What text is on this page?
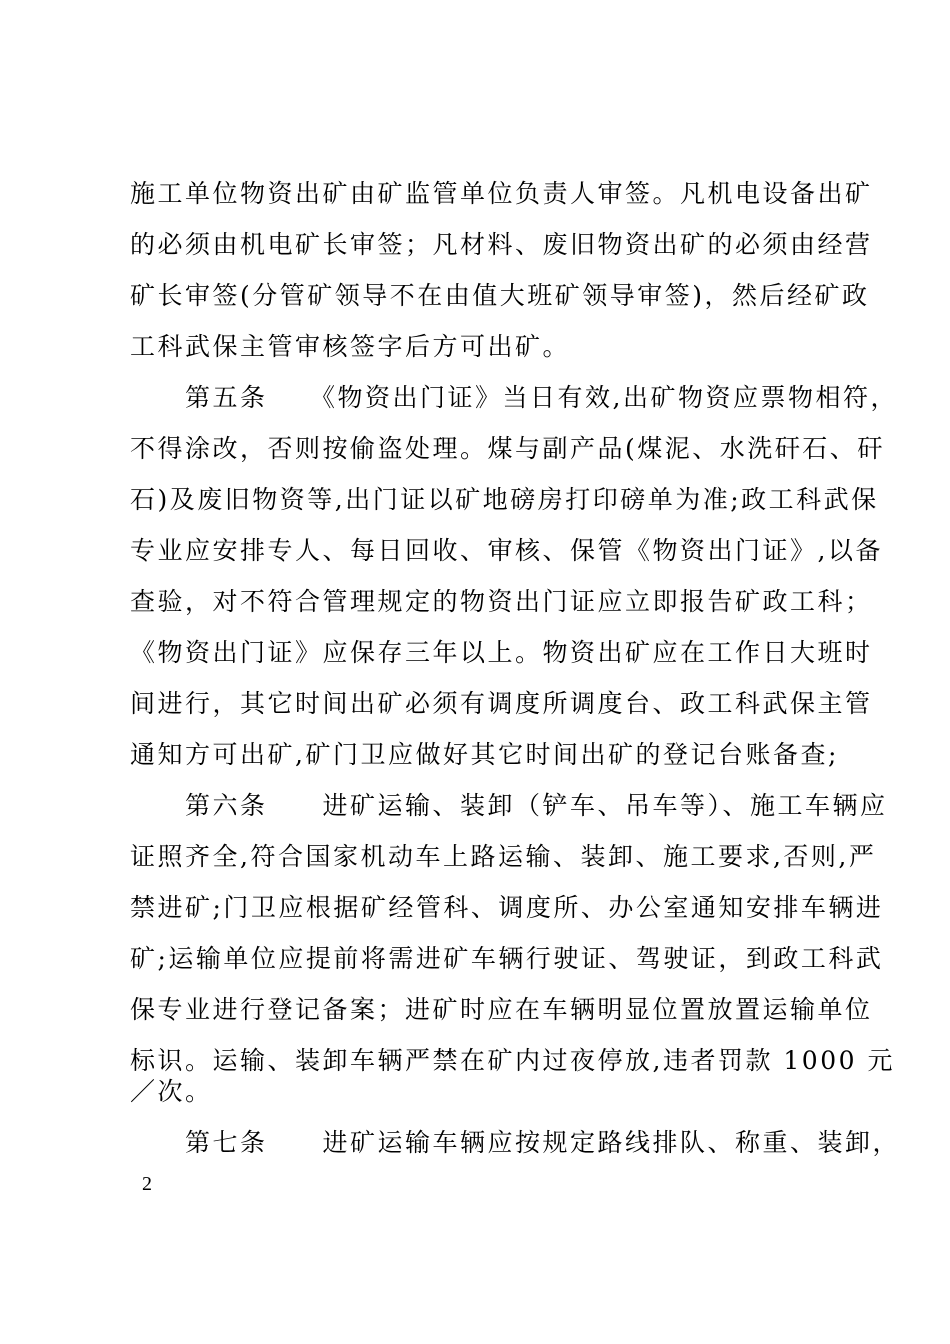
施工单位物资出矿由矿监管单位负责人审签。凡机电设备出矿
的必须由机电矿长审签；凡材料、废旧物资出矿的必须由经营
矿长审签(分管矿领导不在由值大班矿领导审签)，然后经矿政
工科武保主管审核签字后方可出矿。
　　第五条　　《物资出门证》当日有效,出矿物资应票物相符，
不得涂改，否则按偷盗处理。煤与副产品(煤泥、水洗矸石、矸
石)及废旧物资等,出门证以矿地磅房打印磅单为准;政工科武保
专业应安排专人、每日回收、审核、保管《物资出门证》,以备
查验，对不符合管理规定的物资出门证应立即报告矿政工科；
《物资出门证》应保存三年以上。物资出矿应在工作日大班时
间进行，其它时间出矿必须有调度所调度台、政工科武保主管
通知方可出矿,矿门卫应做好其它时间出矿的登记台账备查;
　　第六条　　进矿运输、装卸（铲车、吊车等）、施工车辆应
证照齐全,符合国家机动车上路运输、装卸、施工要求,否则,严
禁进矿;门卫应根据矿经管科、调度所、办公室通知安排车辆进
矿;运输单位应提前将需进矿车辆行驶证、驾驶证，到政工科武
保专业进行登记备案；进矿时应在车辆明显位置放置运输单位
标识。运输、装卸车辆严禁在矿内过夜停放,违者罚款 1000 元
／次。
　　第七条　　进矿运输车辆应按规定路线排队、称重、装卸，
2
